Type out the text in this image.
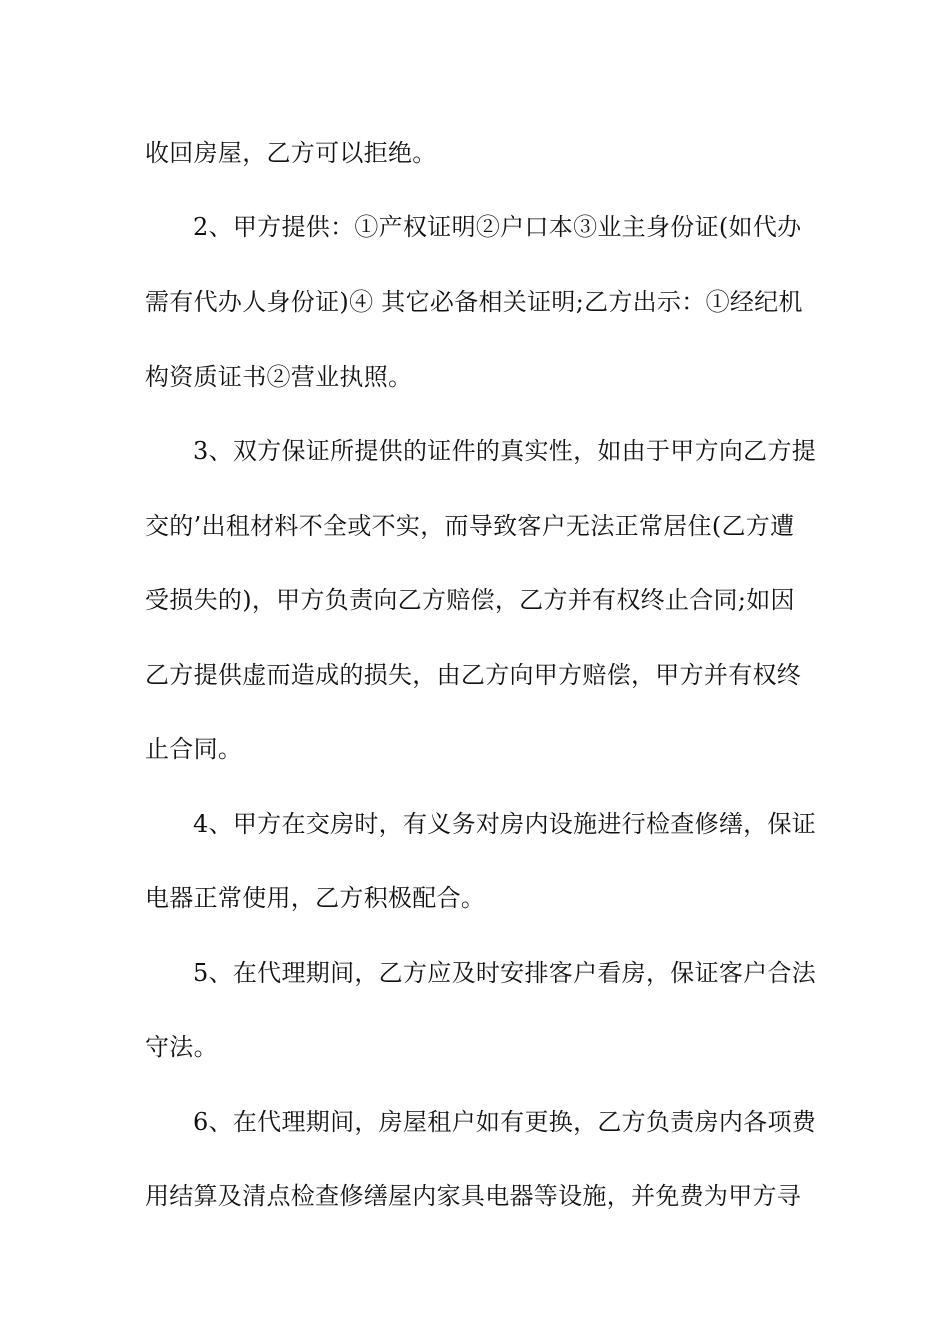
收回房屋，乙方可以拒绝。
2、甲方提供：①产权证明②户口本③业主身份证(如代办
需有代办人身份证)④ 其它必备相关证明;乙方出示：①经纪机
构资质证书②营业执照。
3、双方保证所提供的证件的真实性，如由于甲方向乙方提
交的’出租材料不全或不实，而导致客户无法正常居住(乙方遭
受损失的)，甲方负责向乙方赔偿，乙方并有权终止合同;如因
乙方提供虚而造成的损失，由乙方向甲方赔偿，甲方并有权终
止合同。
4、甲方在交房时，有义务对房内设施进行检查修缮，保证
电器正常使用，乙方积极配合。
5、在代理期间，乙方应及时安排客户看房，保证客户合法
守法。
6、在代理期间，房屋租户如有更换，乙方负责房内各项费
用结算及清点检查修缮屋内家具电器等设施，并免费为甲方寻
